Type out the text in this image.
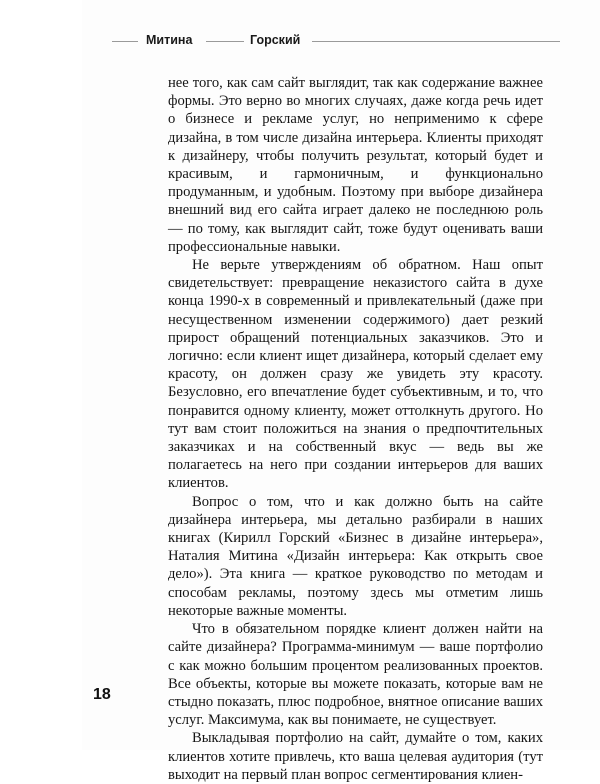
Митина	Горский

нее того, как сам сайт выглядит, так как содержание важнее формы. Это верно во многих случаях, даже когда речь идет о бизнесе и рекламе услуг, но неприменимо к сфере дизайна, в том числе дизайна интерьера. Клиенты приходят к дизайнеру, чтобы получить результат, который будет и красивым, и гармоничным, и функционально продуманным, и удобным. Поэтому при выборе дизайнера внешний вид его сайта играет далеко не последнюю роль — по тому, как выглядит сайт, тоже будут оценивать ваши профессиональные навыки.

Не верьте утверждениям об обратном. Наш опыт свидетельствует: превращение неказистого сайта в духе конца 1990-х в современный и привлекательный (даже при несущественном изменении содержимого) дает резкий прирост обращений потенциальных заказчиков. Это и логично: если клиент ищет дизайнера, который сделает ему красоту, он должен сразу же увидеть эту красоту. Безусловно, его впечатление будет субъективным, и то, что понравится одному клиенту, может оттолкнуть другого. Но тут вам стоит положиться на знания о предпочтительных заказчиках и на собственный вкус — ведь вы же полагаетесь на него при создании интерьеров для ваших клиентов.

Вопрос о том, что и как должно быть на сайте дизайнера интерьера, мы детально разбирали в наших книгах (Кирилл Горский «Бизнес в дизайне интерьера», Наталия Митина «Дизайн интерьера: Как открыть свое дело»). Эта книга — краткое руководство по методам и способам рекламы, поэтому здесь мы отметим лишь некоторые важные моменты.

Что в обязательном порядке клиент должен найти на сайте дизайнера? Программа-минимум — ваше портфолио с как можно большим процентом реализованных проектов. Все объекты, которые вы можете показать, которые вам не стыдно показать, плюс подробное, внятное описание ваших услуг. Максимума, как вы понимаете, не существует.

Выкладывая портфолио на сайт, думайте о том, каких клиентов хотите привлечь, кто ваша целевая аудитория (тут выходит на первый план вопрос сегментирования клиен-

18
